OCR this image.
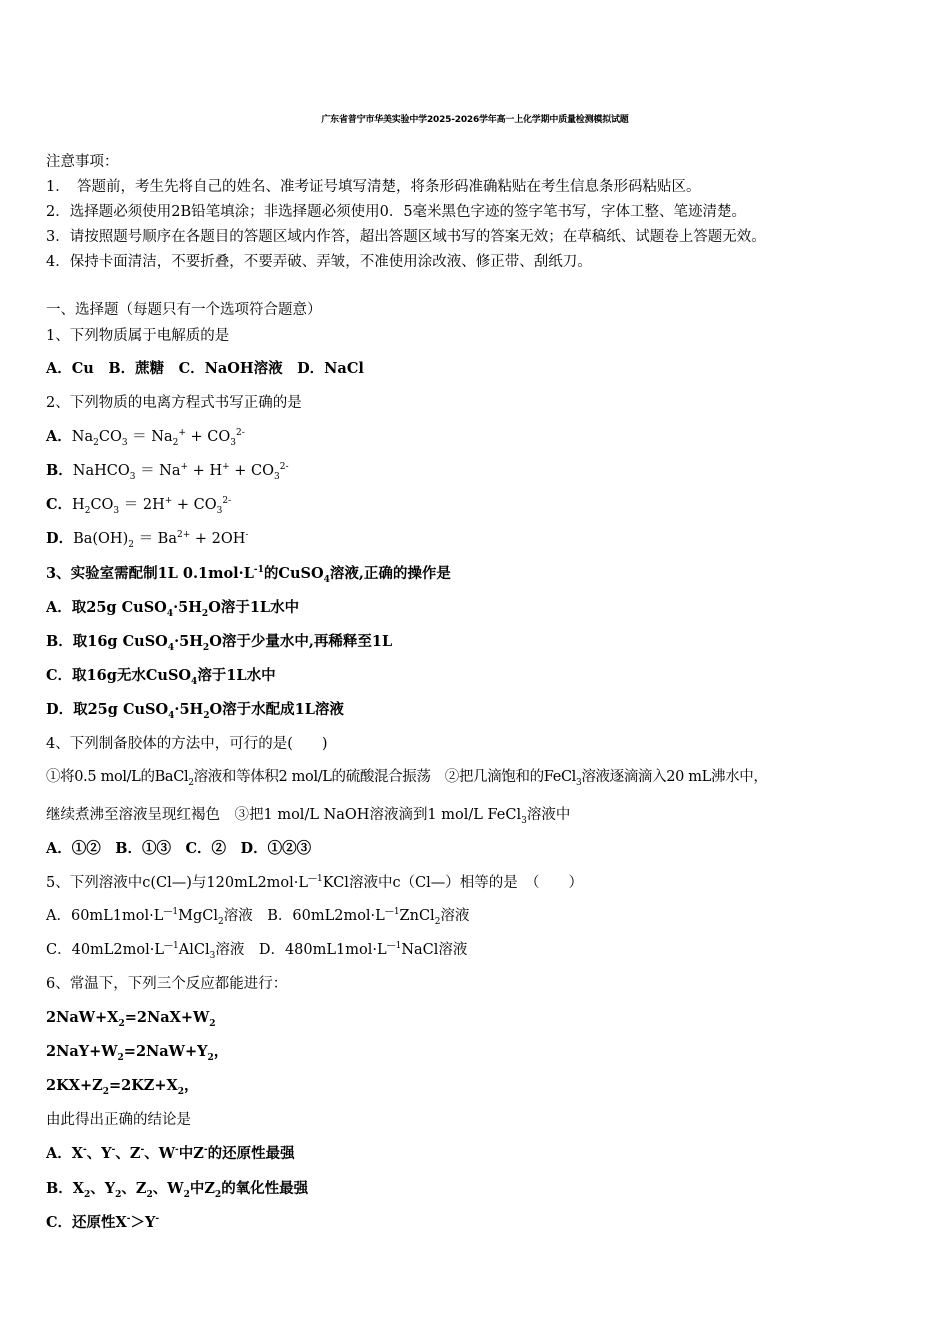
广东省普宁市华美实验中学2025-2026学年高一上化学期中质量检测模拟试题
注意事项：
1．　答题前，考生先将自己的姓名、准考证号填写清楚，将条形码准确粘贴在考生信息条形码粘贴区。
2．选择题必须使用2B铅笔填涂；非选择题必须使用0．5毫米黑色字迹的签字笔书写，字体工整、笔迹清楚。
3．请按照题号顺序在各题目的答题区域内作答，超出答题区域书写的答案无效；在草稿纸、试题卷上答题无效。
4．保持卡面清洁，不要折叠，不要弄破、弄皱，不准使用涂改液、修正带、刮纸刀。
一、选择题（每题只有一个选项符合题意）
1、下列物质属于电解质的是
A．Cu　B．蔗糖　C．NaOH溶液　D．NaCl
2、下列物质的电离方程式书写正确的是
A．$Na_2CO_3 = Na_2^+ + CO_3^{2-}$
B．NaHCO$_3$ ＝ $Na^+ + H^+ + CO_3^{2-}$
C．$H_2CO_3 = 2H^+ + CO_3^{2-}$
D．$Ba(OH)_2 = Ba^{2+} + 2OH^-$
3、实验室需配制1L $0.1mol\cdot L^{-1}$的CuSO$_4$溶液,正确的操作是
A．取25g $CuSO_4\cdot 5H_2O$溶于1L水中
B．取16g $CuSO_4\cdot 5H_2O$溶于少量水中,再稀释至1L
C．取16g无水CuSO$_4$溶于1L水中
D．取25g $CuSO_4\cdot 5H_2O$溶于水配成1L溶液
4、下列制备胶体的方法中，可行的是(　　)
①将0.5 mol/L的BaCl$_2$溶液和等体积2 mol/L的硫酸混合振荡　②把几滴饱和的FeCl$_3$溶液逐滴滴入20 mL沸水中，
继续煮沸至溶液呈现红褐色　③把1 mol/L NaOH溶液滴到1 mol/L FeCl$_3$溶液中
A．①②　B．①③　C．②　D．①②③
5、下列溶液中c(Cl—)与$120mL2mol\cdot L^{—1}KCl$溶液中c（Cl—）相等的是　（　　）
A．$60mL1mol\cdot L^{—1}MgCl_2$溶液　B．$60mL2mol\cdot L^{—1}ZnCl_2$溶液
C．$40mL2mol\cdot L^{—1}AlCl_3$溶液　D．$480mL1mol\cdot L^{—1}NaCl$溶液
6、常温下，下列三个反应都能进行：
$2NaW+X_2=2NaX+W_2$
$2NaY+W_2=2NaW+Y_2$，
$2KX+Z_2=2KZ+X_2$，
由此得出正确的结论是
A．X-、Y-、Z-、W-中Z-的还原性最强
B．$X_2$、$Y_2$、$Z_2$、$W_2$中$Z_2$的氧化性最强
C．还原性X-＞Y-
